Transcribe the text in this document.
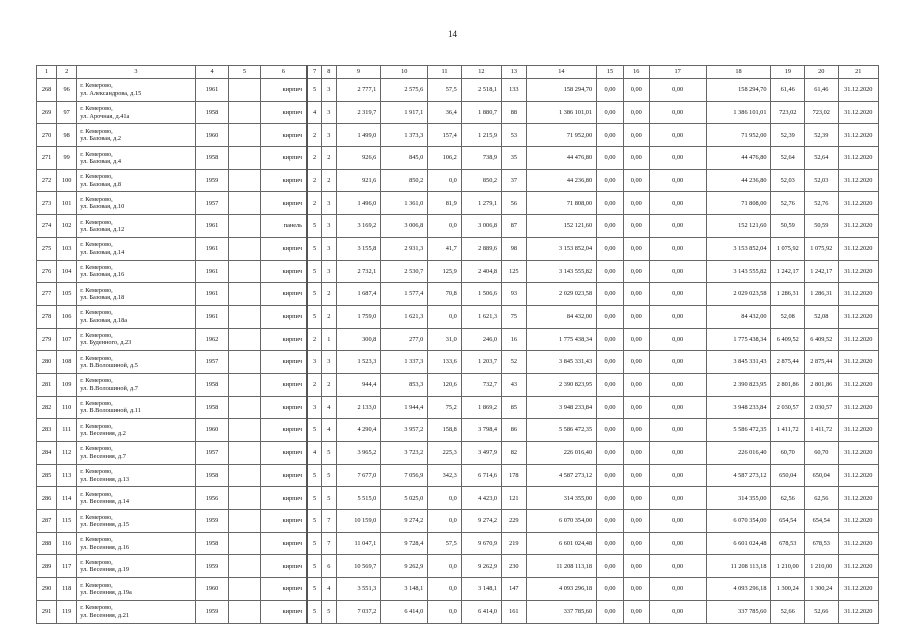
14
1	2	3	4	5	6	7	8	9	10	11	12	13	14	15	16	17	18	19	20	21
268	96	г. Кемерово,
ул. Александрова, д.15	1961		кирпич	5	3	2 777,1	2 575,6	57,5	2 518,1	133	158 294,70	0,00	0,00	0,00	158 294,70	61,46	61,46	31.12.2020
269	97	г. Кемерово,
ул. Арочная, д.41а	1958		кирпич	4	3	2 319,7	1 917,1	36,4	1 880,7	88	1 386 101,01	0,00	0,00	0,00	1 386 101,01	723,02	723,02	31.12.2020
270	98	г. Кемерово,
ул. Базовая, д.2	1960		кирпич	2	3	1 499,0	1 373,3	157,4	1 215,9	53	71 952,00	0,00	0,00	0,00	71 952,00	52,39	52,39	31.12.2020
271	99	г. Кемерово,
ул. Базовая, д.4	1958		кирпич	2	2	926,6	845,0	106,2	738,9	35	44 476,80	0,00	0,00	0,00	44 476,80	52,64	52,64	31.12.2020
272	100	г. Кемерово,
ул. Базовая, д.8	1959		кирпич	2	2	921,6	850,2	0,0	850,2	37	44 236,80	0,00	0,00	0,00	44 236,80	52,03	52,03	31.12.2020
273	101	г. Кемерово,
ул. Базовая, д.10	1957		кирпич	2	3	1 496,0	1 361,0	81,9	1 279,1	56	71 808,00	0,00	0,00	0,00	71 808,00	52,76	52,76	31.12.2020
274	102	г. Кемерово,
ул. Базовая, д.12	1961		панель	5	3	3 169,2	3 006,8	0,0	3 006,8	87	152 121,60	0,00	0,00	0,00	152 121,60	50,59	50,59	31.12.2020
275	103	г. Кемерово,
ул. Базовая, д.14	1961		кирпич	5	3	3 155,8	2 931,3	41,7	2 889,6	98	3 153 852,04	0,00	0,00	0,00	3 153 852,04	1 075,92	1 075,92	31.12.2020
276	104	г. Кемерово,
ул. Базовая, д.16	1961		кирпич	5	3	2 732,1	2 530,7	125,9	2 404,8	125	3 143 555,82	0,00	0,00	0,00	3 143 555,82	1 242,17	1 242,17	31.12.2020
277	105	г. Кемерово,
ул. Базовая, д.18	1961		кирпич	5	2	1 687,4	1 577,4	70,8	1 506,6	93	2 029 023,58	0,00	0,00	0,00	2 029 023,58	1 286,31	1 286,31	31.12.2020
278	106	г. Кемерово,
ул. Базовая, д.18а	1961		кирпич	5	2	1 759,0	1 621,3	0,0	1 621,3	75	84 432,00	0,00	0,00	0,00	84 432,00	52,08	52,08	31.12.2020
279	107	г. Кемерово,
ул. Буденного, д.23	1962		кирпич	2	1	300,8	277,0	31,0	246,0	16	1 775 438,34	0,00	0,00	0,00	1 775 438,34	6 409,52	6 409,52	31.12.2020
280	108	г. Кемерово,
ул. В.Волошиной, д.5	1957		кирпич	3	3	1 523,3	1 337,3	133,6	1 203,7	52	3 845 331,43	0,00	0,00	0,00	3 845 331,43	2 875,44	2 875,44	31.12.2020
281	109	г. Кемерово,
ул. В.Волошиной, д.7	1958		кирпич	2	2	944,4	853,3	120,6	732,7	43	2 390 823,95	0,00	0,00	0,00	2 390 823,95	2 801,86	2 801,86	31.12.2020
282	110	г. Кемерово,
ул. В.Волошиной, д.11	1958		кирпич	3	4	2 133,0	1 944,4	75,2	1 869,2	85	3 948 233,84	0,00	0,00	0,00	3 948 233,84	2 030,57	2 030,57	31.12.2020
283	111	г. Кемерово,
ул. Весенняя, д.2	1960		кирпич	5	4	4 290,4	3 957,2	158,8	3 798,4	86	5 586 472,35	0,00	0,00	0,00	5 586 472,35	1 411,72	1 411,72	31.12.2020
284	112	г. Кемерово,
ул. Весенняя, д.7	1957		кирпич	4	5	3 965,2	3 723,2	225,3	3 497,9	82	226 016,40	0,00	0,00	0,00	226 016,40	60,70	60,70	31.12.2020
285	113	г. Кемерово,
ул. Весенняя, д.13	1958		кирпич	5	5	7 677,0	7 056,9	342,3	6 714,6	178	4 587 273,12	0,00	0,00	0,00	4 587 273,12	650,04	650,04	31.12.2020
286	114	г. Кемерово,
ул. Весенняя, д.14	1956		кирпич	5	5	5 515,0	5 025,0	0,0	4 423,0	121	314 355,00	0,00	0,00	0,00	314 355,00	62,56	62,56	31.12.2020
287	115	г. Кемерово,
ул. Весенняя, д.15	1959		кирпич	5	7	10 159,0	9 274,2	0,0	9 274,2	229	6 070 354,00	0,00	0,00	0,00	6 070 354,00	654,54	654,54	31.12.2020
288	116	г. Кемерово,
ул. Весенняя, д.16	1958		кирпич	5	7	11 047,1	9 728,4	57,5	9 670,9	219	6 601 024,48	0,00	0,00	0,00	6 601 024,48	678,53	678,53	31.12.2020
289	117	г. Кемерово,
ул. Весенняя, д.19	1959		кирпич	5	6	10 569,7	9 262,9	0,0	9 262,9	230	11 208 113,18	0,00	0,00	0,00	11 208 113,18	1 210,00	1 210,00	31.12.2020
290	118	г. Кемерово,
ул. Весенняя, д.19а	1960		кирпич	5	4	3 551,3	3 148,1	0,0	3 148,1	147	4 093 296,18	0,00	0,00	0,00	4 093 296,18	1 300,24	1 300,24	31.12.2020
291	119	г. Кемерово,
ул. Весенняя, д.21	1959		кирпич	5	5	7 037,2	6 414,0	0,0	6 414,0	161	337 785,60	0,00	0,00	0,00	337 785,60	52,66	52,66	31.12.2020
